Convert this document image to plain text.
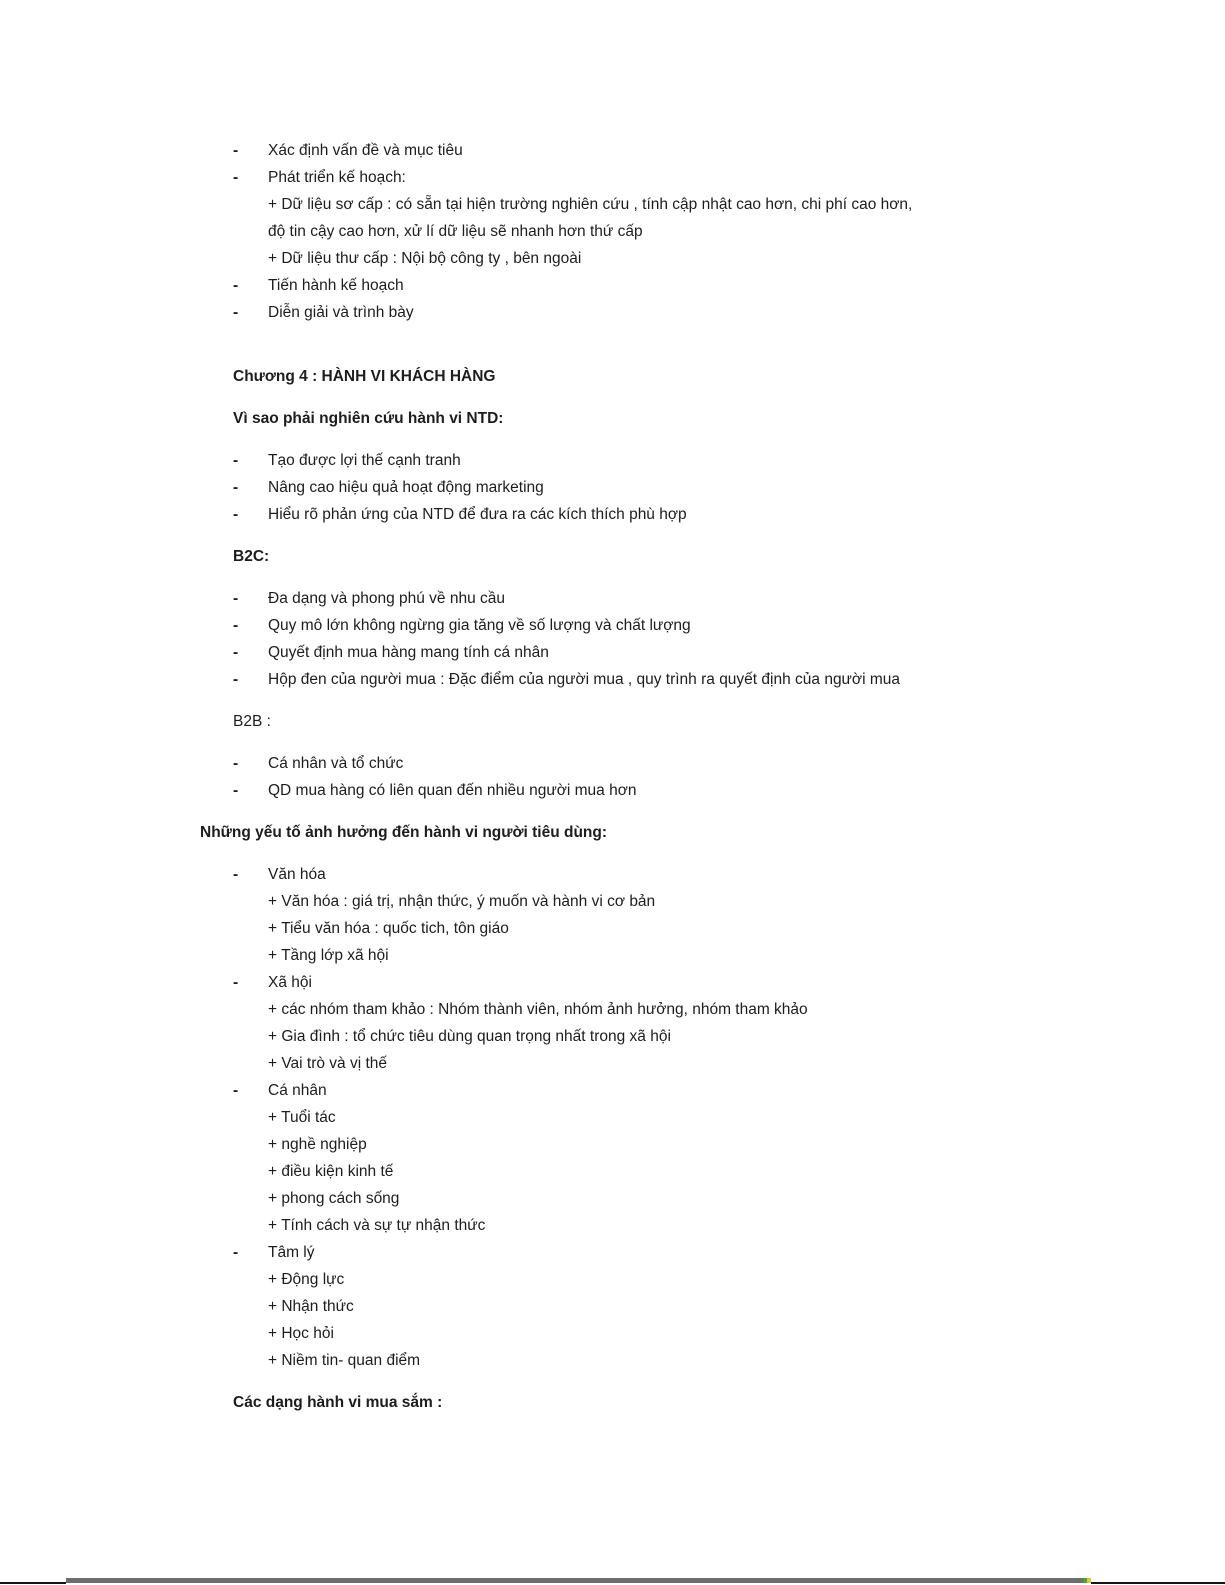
-	Xác định vấn đề và mục tiêu
-	Phát triển kế hoạch:
+ Dữ liệu sơ cấp : có sẵn tại hiện trường nghiên cứu , tính cập nhật cao hơn, chi phí cao hơn,
độ tin cậy cao hơn, xử lí dữ liệu sẽ nhanh hơn thứ cấp
+ Dữ liệu thư cấp : Nội bộ công ty , bên ngoài
-	Tiến hành kế hoạch
-	Diễn giải và trình bày
Chương 4 : HÀNH VI KHÁCH HÀNG
Vì sao phải nghiên cứu hành vi NTD:
-	Tạo được lợi thế cạnh tranh
-	Nâng cao hiệu quả hoạt động marketing
-	Hiểu rõ phản ứng của NTD để đưa ra các kích thích phù hợp
B2C:
-	Đa dạng và phong phú về nhu cầu
-	Quy mô lớn không ngừng gia tăng về số lượng và chất lượng
-	Quyết định mua hàng mang tính cá nhân
-	Hộp đen của người mua : Đặc điểm của người mua , quy trình ra quyết định của người mua
B2B :
-	Cá nhân và tổ chức
-	QD mua hàng có liên quan đến nhiều người mua hơn
Những yếu tố ảnh hưởng đến hành vi người tiêu dùng:
-	Văn hóa
+ Văn hóa : giá trị, nhận thức, ý muốn và hành vi cơ bản
+ Tiểu văn hóa : quốc tich, tôn giáo
+ Tầng lớp xã hội
-	Xã hội
+ các nhóm tham khảo : Nhóm thành viên, nhóm ảnh hưởng, nhóm tham khảo
+ Gia đình : tổ chức tiêu dùng quan trọng nhất trong xã hội
+ Vai trò và vị thế
-	Cá nhân
+ Tuổi tác
+ nghề nghiệp
+ điều kiện kinh tế
+ phong cách sống
+ Tính cách và sự tự nhận thức
-	Tâm lý
+ Động lực
+ Nhận thức
+ Học hỏi
+ Niềm tin- quan điểm
Các dạng hành vi mua sắm :
